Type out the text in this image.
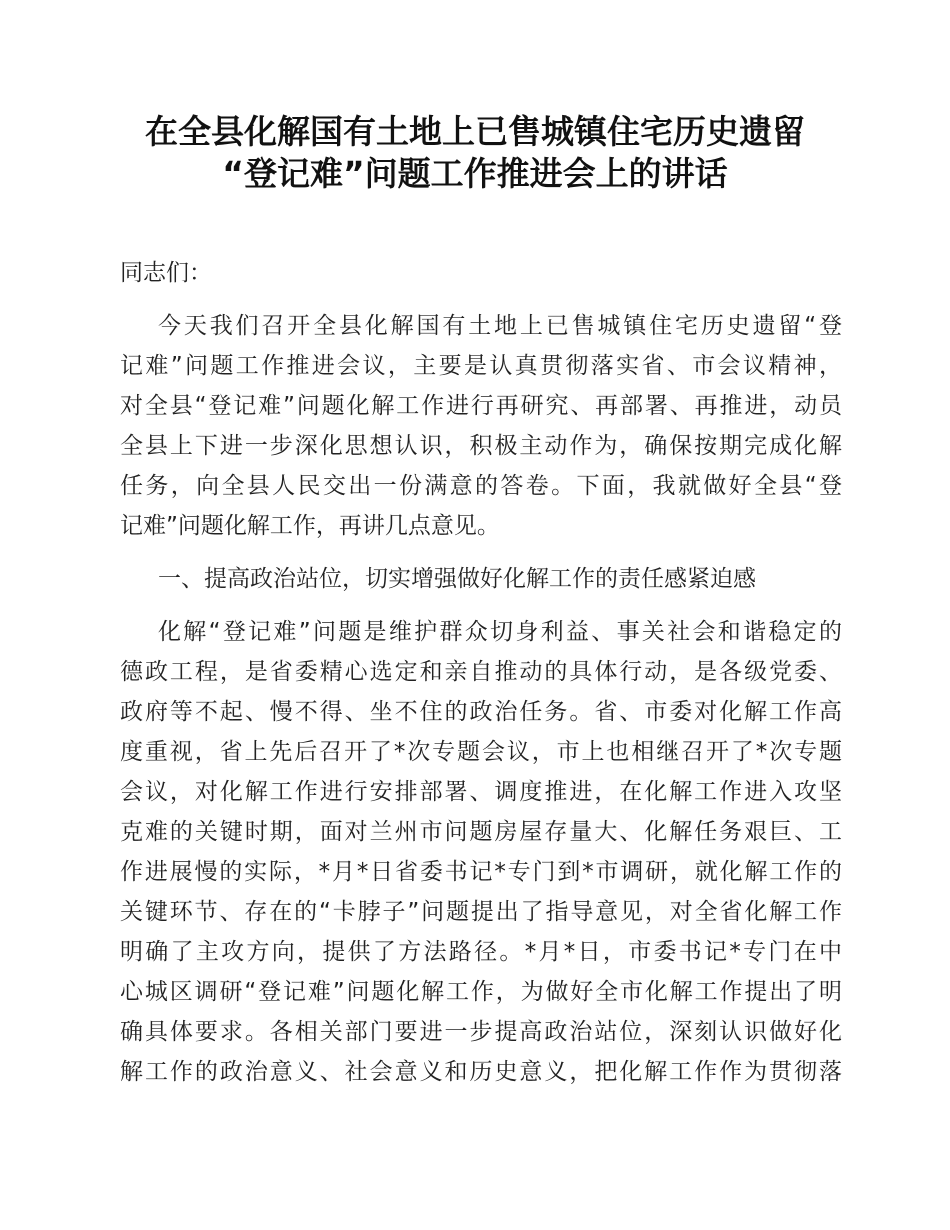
在全县化解国有土地上已售城镇住宅历史遗留
“登记难”问题工作推进会上的讲话
同志们：
今天我们召开全县化解国有土地上已售城镇住宅历史遗留“登
记难”问题工作推进会议，主要是认真贯彻落实省、市会议精神，
对全县“登记难”问题化解工作进行再研究、再部署、再推进，动员
全县上下进一步深化思想认识，积极主动作为，确保按期完成化解
任务，向全县人民交出一份满意的答卷。下面，我就做好全县“登
记难”问题化解工作，再讲几点意见。
一、提高政治站位，切实增强做好化解工作的责任感紧迫感
化解“登记难”问题是维护群众切身利益、事关社会和谐稳定的
德政工程，是省委精心选定和亲自推动的具体行动，是各级党委、
政府等不起、慢不得、坐不住的政治任务。省、市委对化解工作高
度重视，省上先后召开了*次专题会议，市上也相继召开了*次专题
会议，对化解工作进行安排部署、调度推进，在化解工作进入攻坚
克难的关键时期，面对兰州市问题房屋存量大、化解任务艰巨、工
作进展慢的实际，*月*日省委书记*专门到*市调研，就化解工作的
关键环节、存在的“卡脖子”问题提出了指导意见，对全省化解工作
明确了主攻方向，提供了方法路径。*月*日，市委书记*专门在中
心城区调研“登记难”问题化解工作，为做好全市化解工作提出了明
确具体要求。各相关部门要进一步提高政治站位，深刻认识做好化
解工作的政治意义、社会意义和历史意义，把化解工作作为贯彻落
